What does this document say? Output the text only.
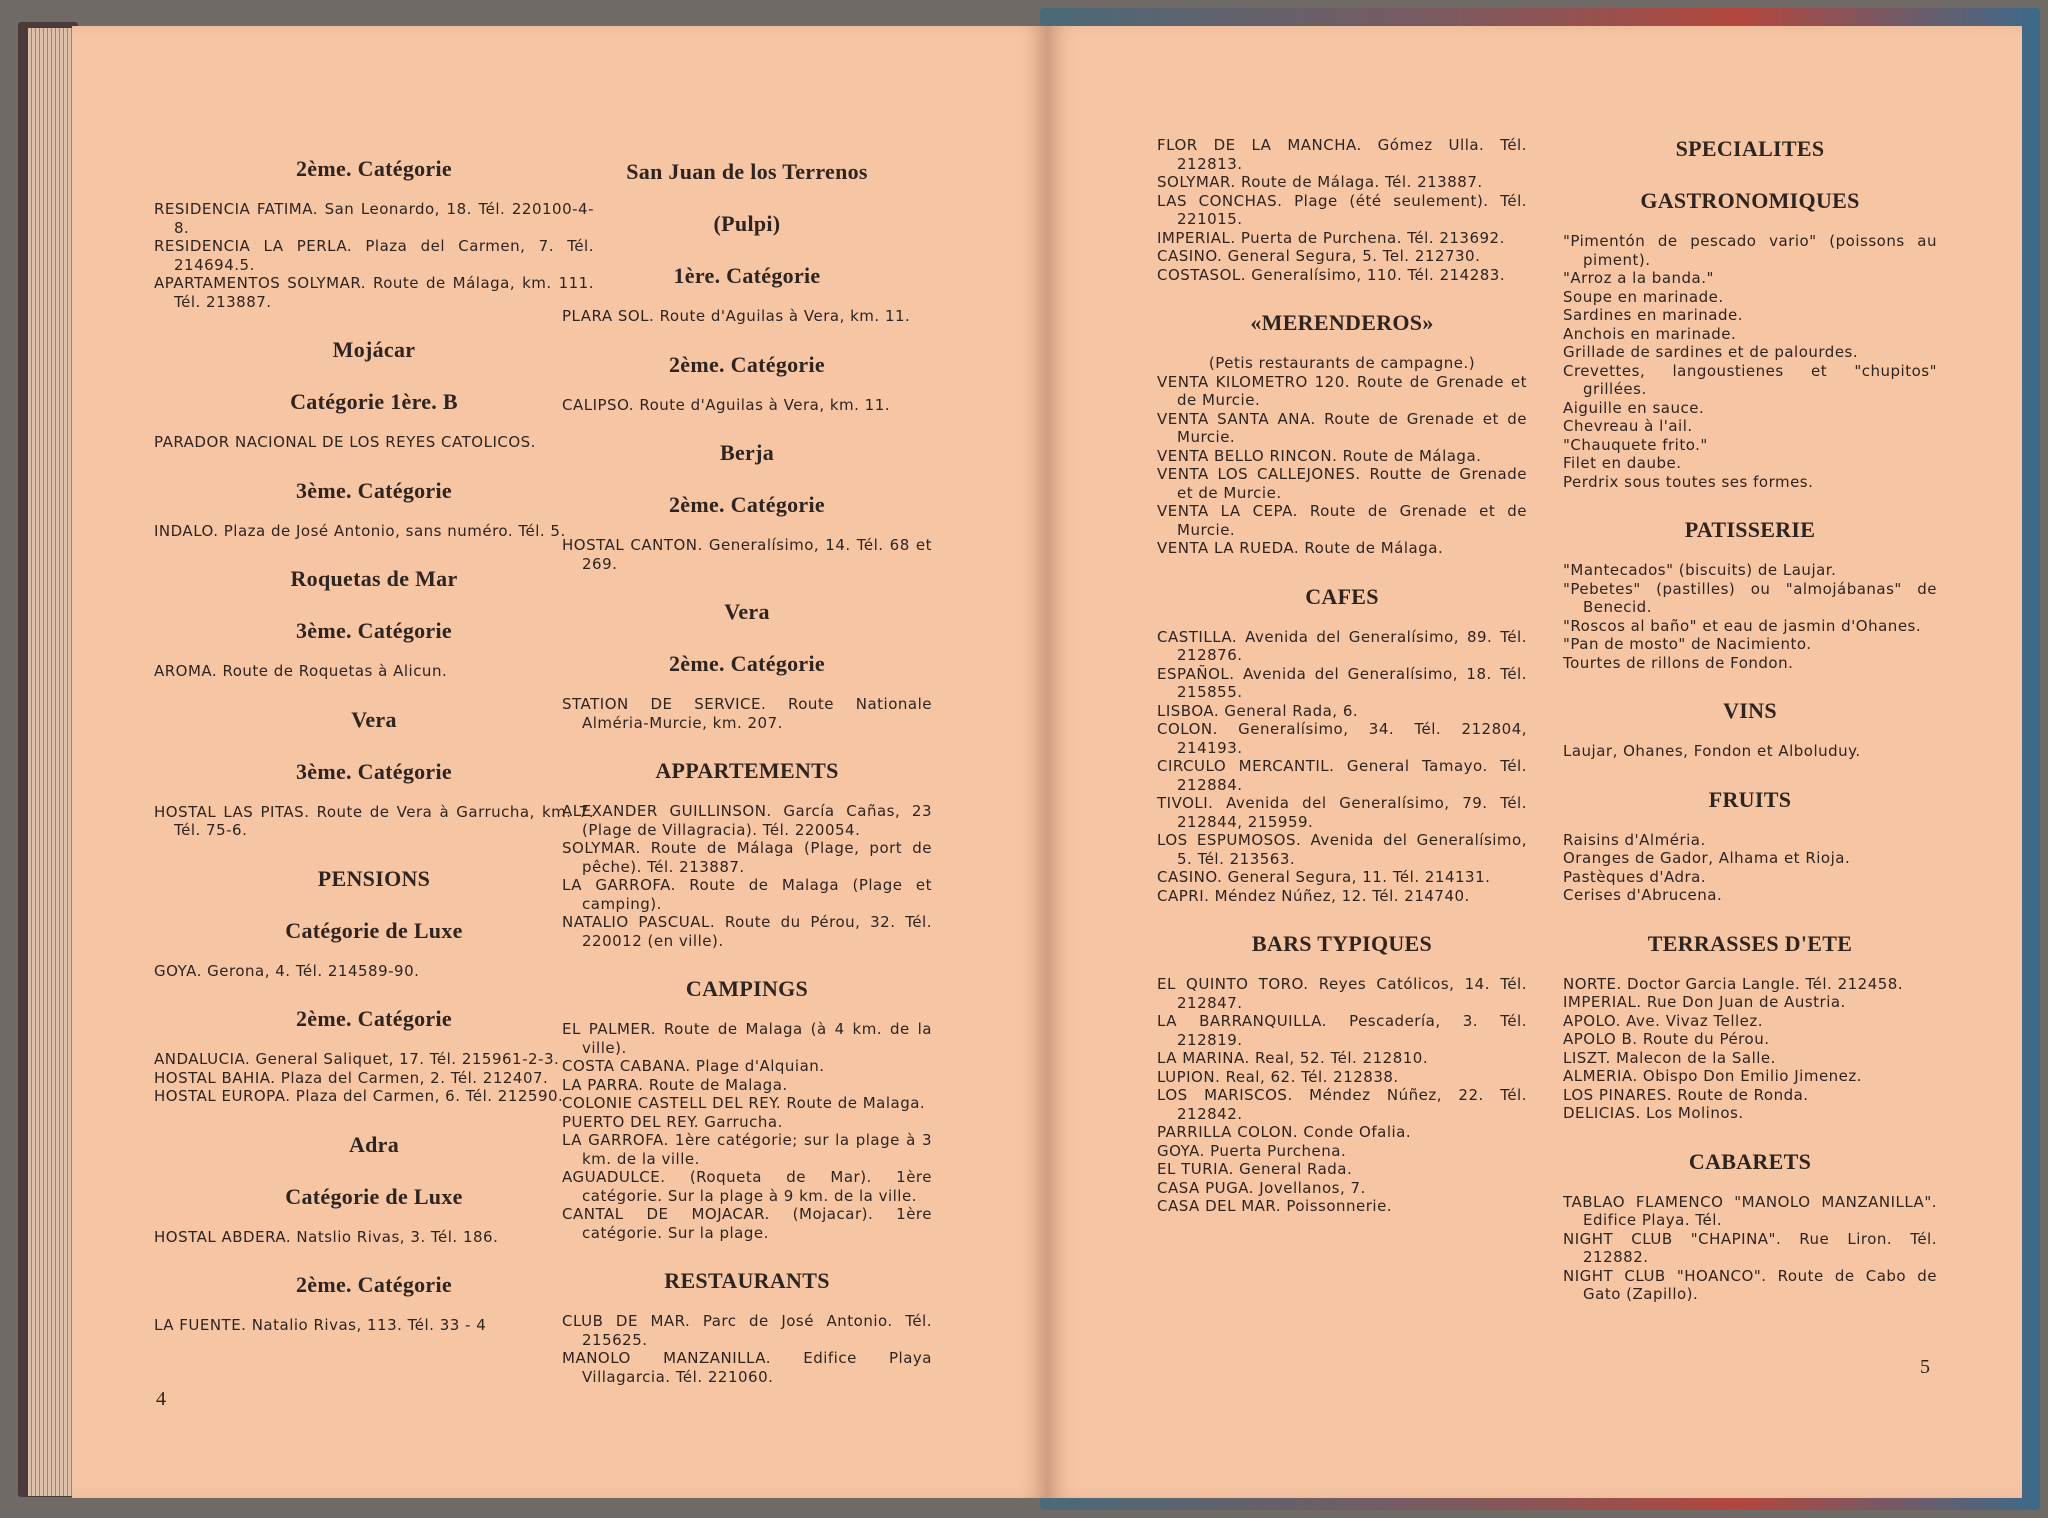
2ème. Catégorie
RESIDENCIA FATIMA. San Leonardo, 18. Tél. 220100-4-8.
RESIDENCIA LA PERLA. Plaza del Carmen, 7. Tél. 214694.5.
APARTAMENTOS SOLYMAR. Route de Málaga, km. 111. Tél. 213887.
Mojácar
Catégorie 1ère. B
PARADOR NACIONAL DE LOS REYES CATOLICOS.
3ème. Catégorie
INDALO. Plaza de José Antonio, sans numéro. Tél. 5.
Roquetas de Mar
3ème. Catégorie
AROMA. Route de Roquetas à Alicun.
Vera
3ème. Catégorie
HOSTAL LAS PITAS. Route de Vera à Garrucha, km. 7. Tél. 75-6.
PENSIONS
Catégorie de Luxe
GOYA. Gerona, 4. Tél. 214589-90.
2ème. Catégorie
ANDALUCIA. General Saliquet, 17. Tél. 215961-2-3.
HOSTAL BAHIA. Plaza del Carmen, 2. Tél. 212407.
HOSTAL EUROPA. Plaza del Carmen, 6. Tél. 212590.
Adra
Catégorie de Luxe
HOSTAL ABDERA. Natslio Rivas, 3. Tél. 186.
2ème. Catégorie
LA FUENTE. Natalio Rivas, 113. Tél. 33 - 4
San Juan de los Terrenos
(Pulpi)
1ère. Catégorie
PLARA SOL. Route d'Aguilas à Vera, km. 11.
2ème. Catégorie
CALIPSO. Route d'Aguilas à Vera, km. 11.
Berja
2ème. Catégorie
HOSTAL CANTON. Generalísimo, 14. Tél. 68 et 269.
Vera
2ème. Catégorie
STATION DE SERVICE. Route Nationale Alméria-Murcie, km. 207.
APPARTEMENTS
ALEXANDER GUILLINSON. García Cañas, 23 (Plage de Villagracia). Tél. 220054.
SOLYMAR. Route de Málaga (Plage, port de pêche). Tél. 213887.
LA GARROFA. Route de Malaga (Plage et camping).
NATALIO PASCUAL. Route du Pérou, 32. Tél. 220012 (en ville).
CAMPINGS
EL PALMER. Route de Malaga (à 4 km. de la ville).
COSTA CABANA. Plage d'Alquian.
LA PARRA. Route de Malaga.
COLONIE CASTELL DEL REY. Route de Malaga.
PUERTO DEL REY. Garrucha.
LA GARROFA. 1ère catégorie; sur la plage à 3 km. de la ville.
AGUADULCE. (Roqueta de Mar). 1ère catégorie. Sur la plage à 9 km. de la ville.
CANTAL DE MOJACAR. (Mojacar). 1ère catégorie. Sur la plage.
RESTAURANTS
CLUB DE MAR. Parc de José Antonio. Tél. 215625.
MANOLO MANZANILLA. Edifice Playa Villagarcia. Tél. 221060.
4
FLOR DE LA MANCHA. Gómez Ulla. Tél. 212813.
SOLYMAR. Route de Málaga. Tél. 213887.
LAS CONCHAS. Plage (été seulement). Tél. 221015.
IMPERIAL. Puerta de Purchena. Tél. 213692.
CASINO. General Segura, 5. Tel. 212730.
COSTASOL. Generalísimo, 110. Tél. 214283.
«MERENDEROS»
(Petis restaurants de campagne.)
VENTA KILOMETRO 120. Route de Grenade et de Murcie.
VENTA SANTA ANA. Route de Grenade et de Murcie.
VENTA BELLO RINCON. Route de Málaga.
VENTA LOS CALLEJONES. Routte de Grenade et de Murcie.
VENTA LA CEPA. Route de Grenade et de Murcie.
VENTA LA RUEDA. Route de Málaga.
CAFES
CASTILLA. Avenida del Generalísimo, 89. Tél. 212876.
ESPAÑOL. Avenida del Generalísimo, 18. Tél. 215855.
LISBOA. General Rada, 6.
COLON. Generalísimo, 34. Tél. 212804, 214193.
CIRCULO MERCANTIL. General Tamayo. Tél. 212884.
TIVOLI. Avenida del Generalísimo, 79. Tél. 212844, 215959.
LOS ESPUMOSOS. Avenida del Generalísimo, 5. Tél. 213563.
CASINO. General Segura, 11. Tél. 214131.
CAPRI. Méndez Núñez, 12. Tél. 214740.
BARS TYPIQUES
EL QUINTO TORO. Reyes Católicos, 14. Tél. 212847.
LA BARRANQUILLA. Pescadería, 3. Tél. 212819.
LA MARINA. Real, 52. Tél. 212810.
LUPION. Real, 62. Tél. 212838.
LOS MARISCOS. Méndez Núñez, 22. Tél. 212842.
PARRILLA COLON. Conde Ofalia.
GOYA. Puerta Purchena.
EL TURIA. General Rada.
CASA PUGA. Jovellanos, 7.
CASA DEL MAR. Poissonnerie.
SPECIALITES
GASTRONOMIQUES
"Pimentón de pescado vario" (poissons au piment).
"Arroz a la banda."
Soupe en marinade.
Sardines en marinade.
Anchois en marinade.
Grillade de sardines et de palourdes.
Crevettes, langoustienes et "chupitos" grillées.
Aiguille en sauce.
Chevreau à l'ail.
"Chauquete frito."
Filet en daube.
Perdrix sous toutes ses formes.
PATISSERIE
"Mantecados" (biscuits) de Laujar.
"Pebetes" (pastilles) ou "almojábanas" de Benecid.
"Roscos al baño" et eau de jasmin d'Ohanes.
"Pan de mosto" de Nacimiento.
Tourtes de rillons de Fondon.
VINS
Laujar, Ohanes, Fondon et Alboluduy.
FRUITS
Raisins d'Alméria.
Oranges de Gador, Alhama et Rioja.
Pastèques d'Adra.
Cerises d'Abrucena.
TERRASSES D'ETE
NORTE. Doctor Garcia Langle. Tél. 212458.
IMPERIAL. Rue Don Juan de Austria.
APOLO. Ave. Vivaz Tellez.
APOLO B. Route du Pérou.
LISZT. Malecon de la Salle.
ALMERIA. Obispo Don Emilio Jimenez.
LOS PINARES. Route de Ronda.
DELICIAS. Los Molinos.
CABARETS
TABLAO FLAMENCO "MANOLO MANZANILLA". Edifice Playa. Tél.
NIGHT CLUB "CHAPINA". Rue Liron. Tél. 212882.
NIGHT CLUB "HOANCO". Route de Cabo de Gato (Zapillo).
5
